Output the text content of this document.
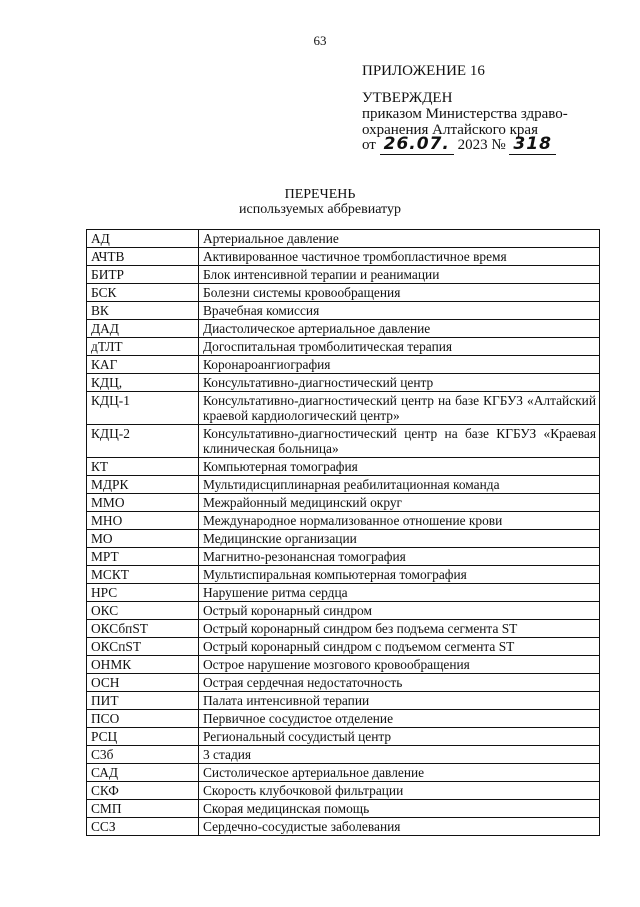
63
ПРИЛОЖЕНИЕ 16
УТВЕРЖДЕН
приказом Министерства здраво-
охранения Алтайского края
от 26.07. 2023 № 318
ПЕРЕЧЕНЬ
используемых аббревиатур
АД	Артериальное давление
АЧТВ	Активированное частичное тромбопластичное время
БИТР	Блок интенсивной терапии и реанимации
БСК	Болезни системы кровообращения
ВК	Врачебная комиссия
ДАД	Диастолическое артериальное давление
дТЛТ	Догоспитальная тромболитическая терапия
КАГ	Коронароангиография
КДЦ,	Консультативно-диагностический центр
КДЦ-1	Консультативно-диагностический центр на базе КГБУЗ «Алтайский краевой кардиологический центр»
КДЦ-2	Консультативно-диагностический центр на базе КГБУЗ «Краевая клиническая больница»
КТ	Компьютерная томография
МДРК	Мультидисциплинарная реабилитационная команда
ММО	Межрайонный медицинский округ
МНО	Международное нормализованное отношение крови
МО	Медицинские организации
МРТ	Магнитно-резонансная томография
МСКТ	Мультиспиральная компьютерная томография
НРС	Нарушение ритма сердца
ОКС	Острый коронарный синдром
ОКСбпST	Острый коронарный синдром без подъема сегмента ST
ОКСпST	Острый коронарный синдром с подъемом сегмента ST
ОНМК	Острое нарушение мозгового кровообращения
ОСН	Острая сердечная недостаточность
ПИТ	Палата интенсивной терапии
ПСО	Первичное сосудистое отделение
РСЦ	Региональный сосудистый центр
С3б	3 стадия
САД	Систолическое артериальное давление
СКФ	Скорость клубочковой фильтрации
СМП	Скорая медицинская помощь
ССЗ	Сердечно-сосудистые заболевания
